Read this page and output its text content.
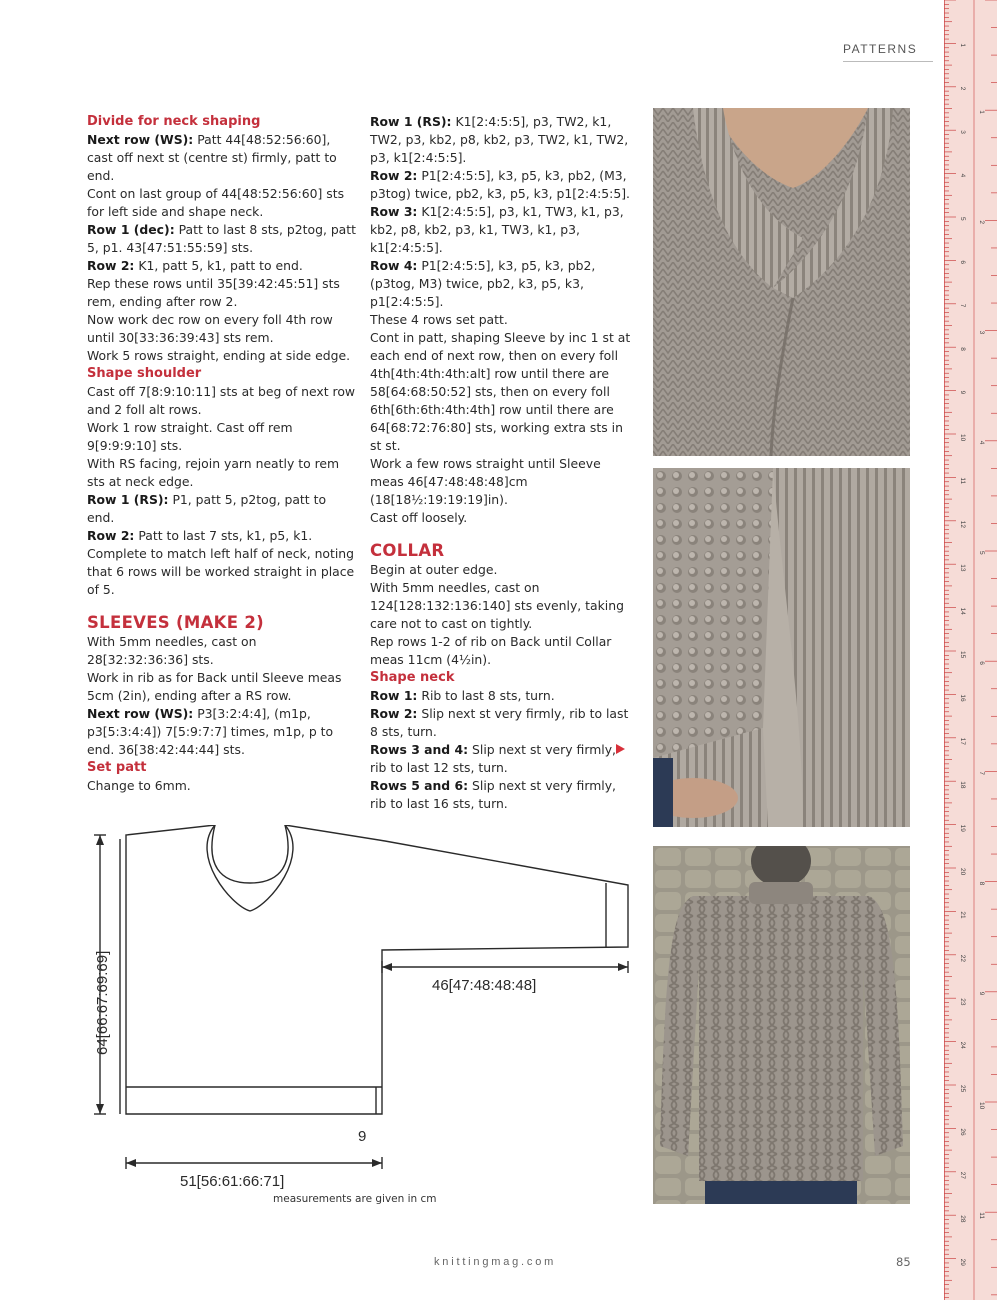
PATTERNS

Divide for neck shaping

Next row (WS): Patt 44[48:52:56:60], cast off next st (centre st) firmly, patt to end.

Cont on last group of 44[48:52:56:60] sts for left side and shape neck.

Row 1 (dec): Patt to last 8 sts, p2tog, patt 5, p1. 43[47:51:55:59] sts.

Row 2: K1, patt 5, k1, patt to end.

Rep these rows until 35[39:42:45:51] sts rem, ending after row 2.

Now work dec row on every foll 4th row until 30[33:36:39:43] sts rem.

Work 5 rows straight, ending at side edge.

Shape shoulder

Cast off 7[8:9:10:11] sts at beg of next row and 2 foll alt rows.

Work 1 row straight. Cast off rem 9[9:9:9:10] sts.

With RS facing, rejoin yarn neatly to rem sts at neck edge.

Row 1 (RS): P1, patt 5, p2tog, patt to end.

Row 2: Patt to last 7 sts, k1, p5, k1.

Complete to match left half of neck, noting that 6 rows will be worked straight in place of 5.

SLEEVES (MAKE 2)

With 5mm needles, cast on 28[32:32:36:36] sts.

Work in rib as for Back until Sleeve meas 5cm (2in), ending after a RS row.

Next row (WS): P3[3:2:4:4], (m1p, p3[5:3:4:4]) 7[5:9:7:7] times, m1p, p to end. 36[38:42:44:44] sts.

Set patt

Change to 6mm.

Row 1 (RS): K1[2:4:5:5], p3, TW2, k1, TW2, p3, kb2, p8, kb2, p3, TW2, k1, TW2, p3, k1[2:4:5:5].

Row 2: P1[2:4:5:5], k3, p5, k3, pb2, (M3, p3tog) twice, pb2, k3, p5, k3, p1[2:4:5:5].

Row 3: K1[2:4:5:5], p3, k1, TW3, k1, p3, kb2, p8, kb2, p3, k1, TW3, k1, p3, k1[2:4:5:5].

Row 4: P1[2:4:5:5], k3, p5, k3, pb2, (p3tog, M3) twice, pb2, k3, p5, k3, p1[2:4:5:5].

These 4 rows set patt.

Cont in patt, shaping Sleeve by inc 1 st at each end of next row, then on every foll 4th[4th:4th:4th:alt] row until there are 58[64:68:50:52] sts, then on every foll 6th[6th:6th:4th:4th] row until there are 64[68:72:76:80] sts, working extra sts in st st.

Work a few rows straight until Sleeve meas 46[47:48:48:48]cm (18[18½:19:19:19]in).

Cast off loosely.

COLLAR

Begin at outer edge.

With 5mm needles, cast on 124[128:132:136:140] sts evenly, taking care not to cast on tightly.

Rep rows 1-2 of rib on Back until Collar meas 11cm (4½in).

Shape neck

Row 1: Rib to last 8 sts, turn.

Row 2: Slip next st very firmly, rib to last 8 sts, turn.

Rows 3 and 4: Slip next st very firmly, rib to last 12 sts, turn.

Rows 5 and 6: Slip next st very firmly, rib to last 16 sts, turn.

46[47:48:48:48]
64[66:67:69:69]
9
51[56:61:66:71]
measurements are given in cm
1
2
3
4
5
6
7
8
9
10
11
12
13
14
15
16
17
18
19
20
21
22
23
24
25
26
27
28
29
1
2
3
4
5
6
7
8
9
10
11
knittingmag.com	85
